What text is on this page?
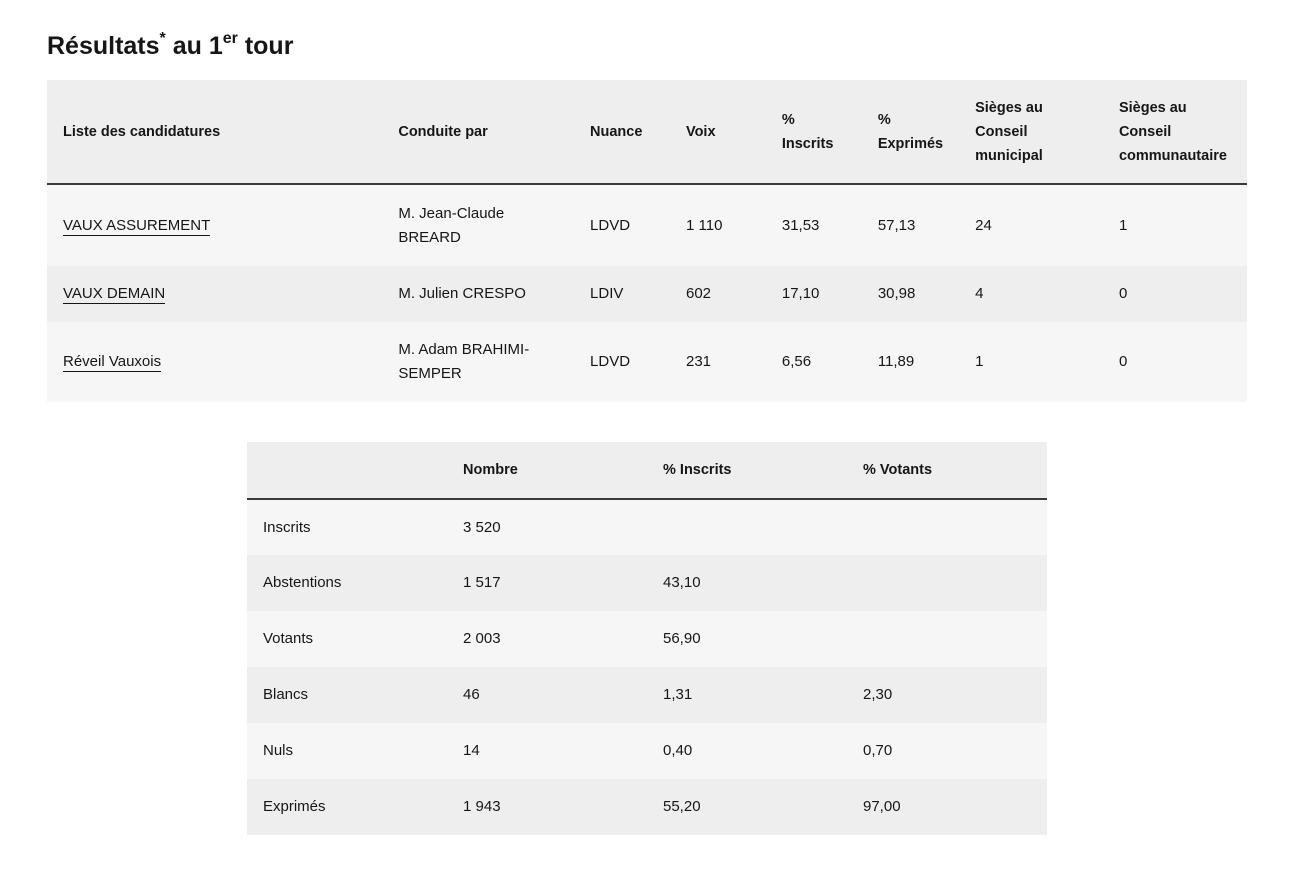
Résultats* au 1er tour
Liste des candidatures	Conduite par	Nuance	Voix	% Inscrits	% Exprimés	Sièges au Conseil municipal	Sièges au Conseil communautaire
VAUX ASSUREMENT	M. Jean-Claude BREARD	LDVD	1 110	31,53	57,13	24	1
VAUX DEMAIN	M. Julien CRESPO	LDIV	602	17,10	30,98	4	0
Réveil Vauxois	M. Adam BRAHIMI-SEMPER	LDVD	231	6,56	11,89	1	0
	Nombre	% Inscrits	% Votants
Inscrits	3 520		
Abstentions	1 517	43,10	
Votants	2 003	56,90	
Blancs	46	1,31	2,30
Nuls	14	0,40	0,70
Exprimés	1 943	55,20	97,00
